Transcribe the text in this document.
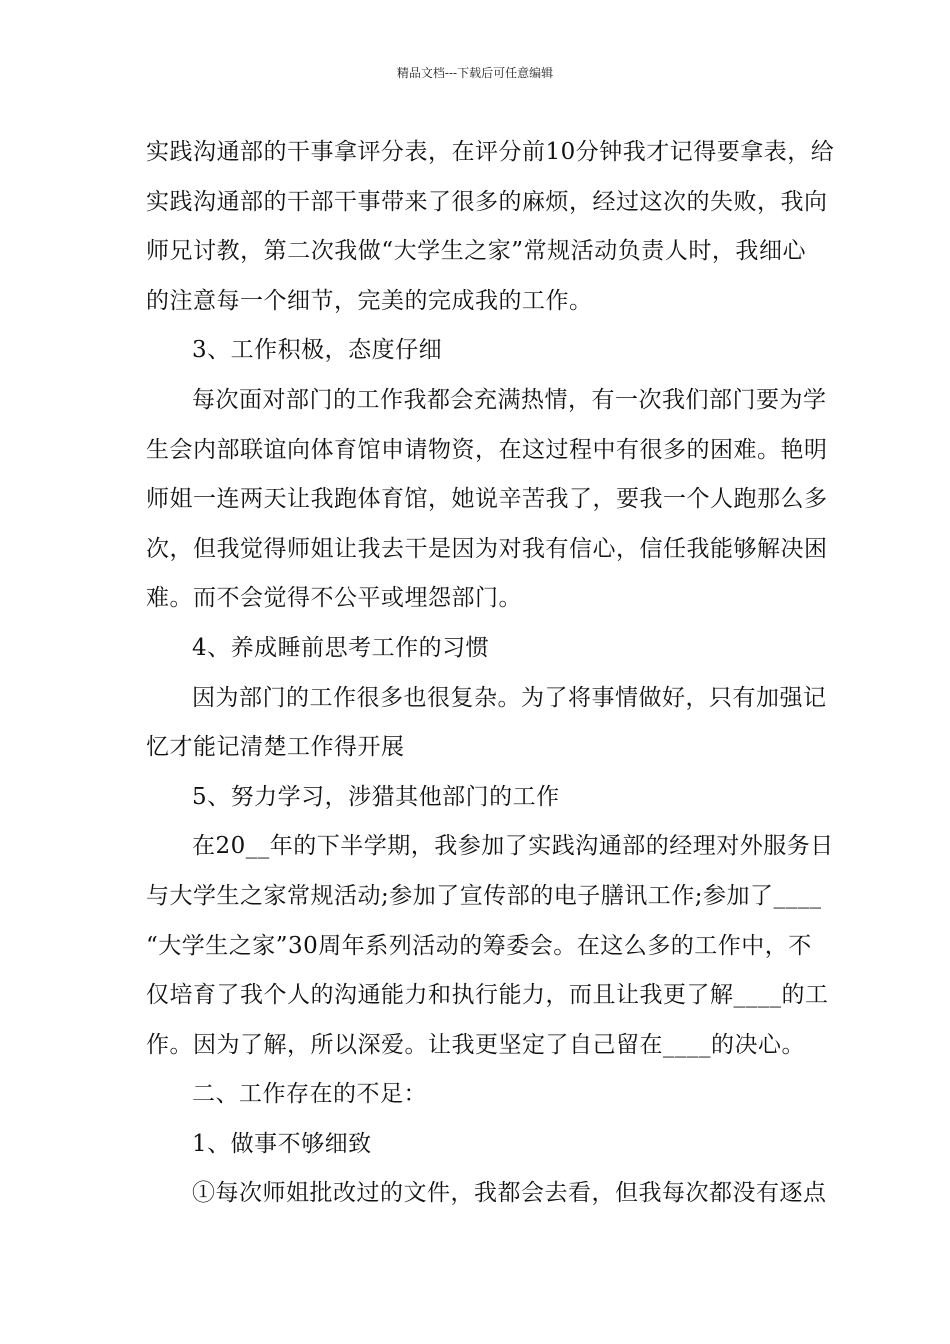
精品文档---下载后可任意编辑
实践沟通部的干事拿评分表，在评分前10分钟我才记得要拿表，给
实践沟通部的干部干事带来了很多的麻烦，经过这次的失败，我向
师兄讨教，第二次我做“大学生之家”常规活动负责人时，我细心
的注意每一个细节，完美的完成我的工作。
3、工作积极，态度仔细
每次面对部门的工作我都会充满热情，有一次我们部门要为学
生会内部联谊向体育馆申请物资，在这过程中有很多的困难。艳明
师姐一连两天让我跑体育馆，她说辛苦我了，要我一个人跑那么多
次，但我觉得师姐让我去干是因为对我有信心，信任我能够解决困
难。而不会觉得不公平或埋怨部门。
4、养成睡前思考工作的习惯
因为部门的工作很多也很复杂。为了将事情做好，只有加强记
忆才能记清楚工作得开展
5、努力学习，涉猎其他部门的工作
在20__年的下半学期，我参加了实践沟通部的经理对外服务日
与大学生之家常规活动;参加了宣传部的电子膳讯工作;参加了____
“大学生之家”30周年系列活动的筹委会。在这么多的工作中，不
仅培育了我个人的沟通能力和执行能力，而且让我更了解____的工
作。因为了解，所以深爱。让我更坚定了自己留在____的决心。
二、工作存在的不足：
1、做事不够细致
①每次师姐批改过的文件，我都会去看，但我每次都没有逐点
